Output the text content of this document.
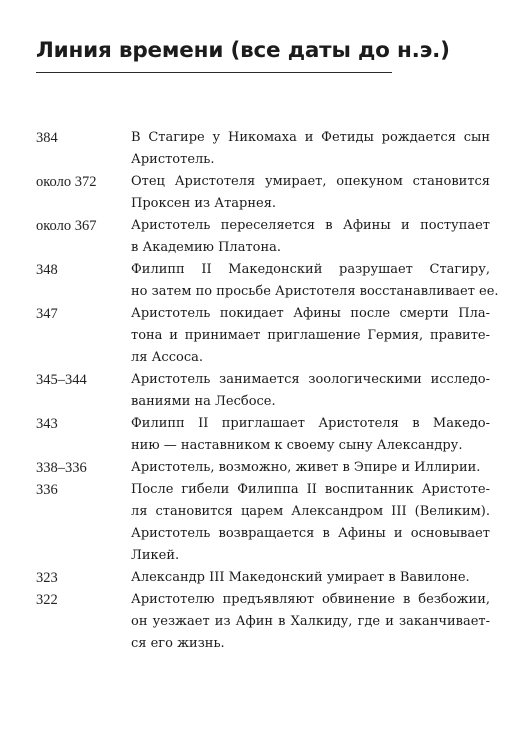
Линия времени (все даты до н.э.)
384	В Стагире у Никомаха и Фетиды рождается сын
Аристотель.
около 372	Отец Аристотеля умирает, опекуном становится
Проксен из Атарнея.
около 367	Аристотель переселяется в Афины и поступает
в Академию Платона.
348	Филипп II Македонский разрушает Стагиру,
но затем по просьбе Аристотеля восстанавливает ее.
347	Аристотель покидает Афины после смерти Пла-
тона и принимает приглашение Гермия, правите-
ля Ассоса.
345–344	Аристотель занимается зоологическими исследо-
ваниями на Лесбосе.
343	Филипп II приглашает Аристотеля в Македо-
нию — наставником к своему сыну Александру.
338–336	Аристотель, возможно, живет в Эпире и Иллирии.
336	После гибели Филиппа II воспитанник Аристоте-
ля становится царем Александром III (Великим).
Аристотель возвращается в Афины и основывает
Ликей.
323	Александр III Македонский умирает в Вавилоне.
322	Аристотелю предъявляют обвинение в безбожии,
он уезжает из Афин в Халкиду, где и заканчивает-
ся его жизнь.
